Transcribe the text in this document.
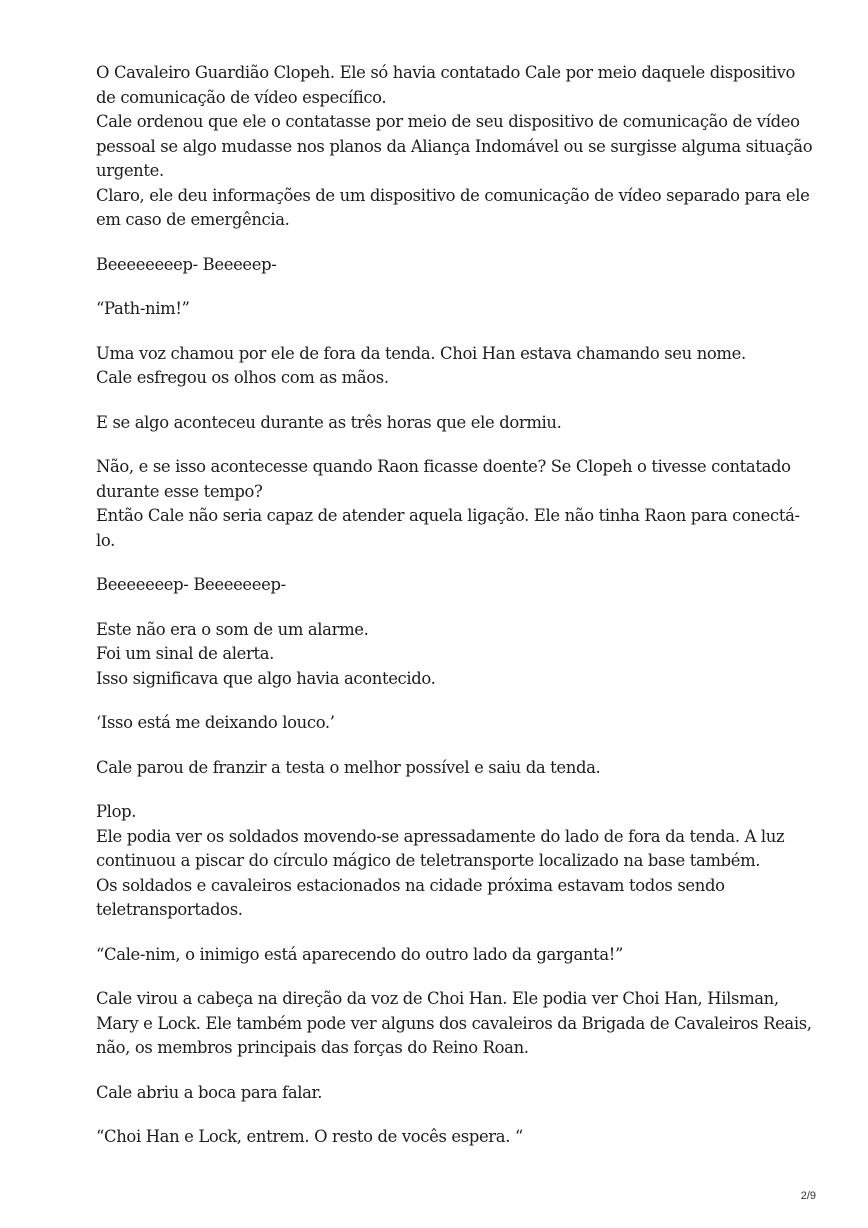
O Cavaleiro Guardião Clopeh. Ele só havia contatado Cale por meio daquele dispositivo
de comunicação de vídeo específico.
Cale ordenou que ele o contatasse por meio de seu dispositivo de comunicação de vídeo
pessoal se algo mudasse nos planos da Aliança Indomável ou se surgisse alguma situação
urgente.
Claro, ele deu informações de um dispositivo de comunicação de vídeo separado para ele
em caso de emergência.

Beeeeeeeep- Beeeeep-

“Path-nim!”

Uma voz chamou por ele de fora da tenda. Choi Han estava chamando seu nome.
Cale esfregou os olhos com as mãos.

E se algo aconteceu durante as três horas que ele dormiu.

Não, e se isso acontecesse quando Raon ficasse doente? Se Clopeh o tivesse contatado
durante esse tempo?
Então Cale não seria capaz de atender aquela ligação. Ele não tinha Raon para conectá-
lo.

Beeeeeeep- Beeeeeeep-

Este não era o som de um alarme.
Foi um sinal de alerta.
Isso significava que algo havia acontecido.

‘Isso está me deixando louco.’

Cale parou de franzir a testa o melhor possível e saiu da tenda.

Plop.
Ele podia ver os soldados movendo-se apressadamente do lado de fora da tenda. A luz
continuou a piscar do círculo mágico de teletransporte localizado na base também.
Os soldados e cavaleiros estacionados na cidade próxima estavam todos sendo
teletransportados.

“Cale-nim, o inimigo está aparecendo do outro lado da garganta!”

Cale virou a cabeça na direção da voz de Choi Han. Ele podia ver Choi Han, Hilsman,
Mary e Lock. Ele também pode ver alguns dos cavaleiros da Brigada de Cavaleiros Reais,
não, os membros principais das forças do Reino Roan.

Cale abriu a boca para falar.

“Choi Han e Lock, entrem. O resto de vocês espera. “

2/9
